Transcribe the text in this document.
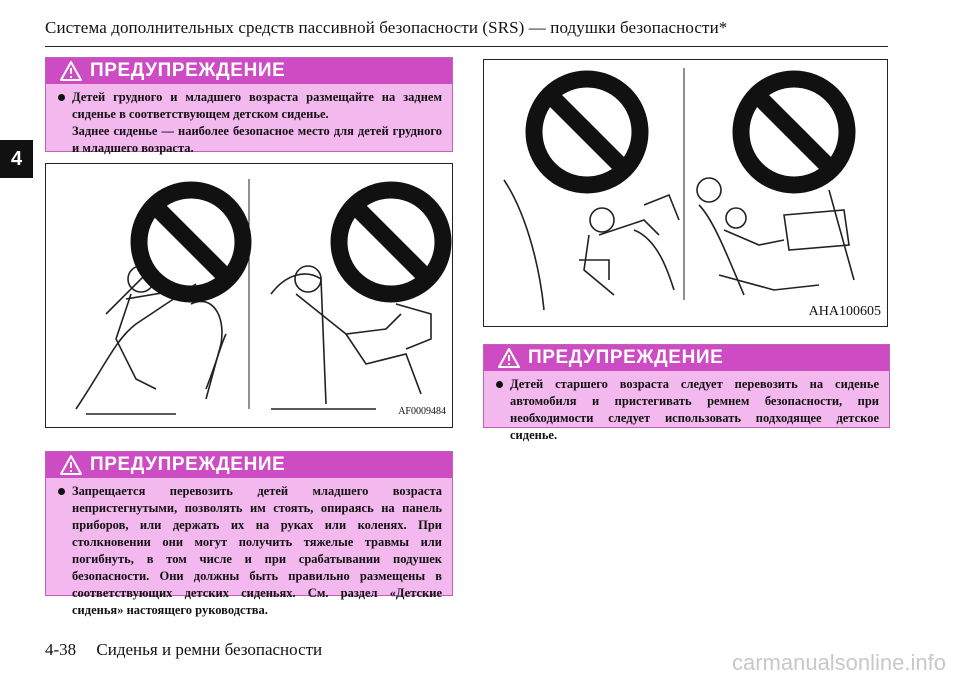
Система дополнительных средств пассивной безопасности (SRS) — подушки безопасности*
4
ПРЕДУПРЕЖДЕНИЕ

Детей грудного и младшего возраста размещайте на заднем сиденье в соответствующем детском сиденье.

Заднее сиденье — наиболее безопасное место для детей грудного и младшего возраста.

AF0009484
ПРЕДУПРЕЖДЕНИЕ

Запрещается перевозить детей младшего возраста непристегнутыми, позволять им стоять, опираясь на панель приборов, или держать их на руках или коленях. При столкновении они могут получить тяжелые травмы или погибнуть, в том числе и при срабатывании подушек безопасности. Они должны быть правильно размещены в соответствующих детских сиденьях. См. раздел «Детские сиденья» настоящего руководства.

AHA100605
ПРЕДУПРЕЖДЕНИЕ

Детей старшего возраста следует перевозить на сиденье автомобиля и пристегивать ремнем безопасности, при необходимости следует использовать подходящее детское сиденье.

4-38 Сиденья и ремни безопасности
carmanualsonline.info
